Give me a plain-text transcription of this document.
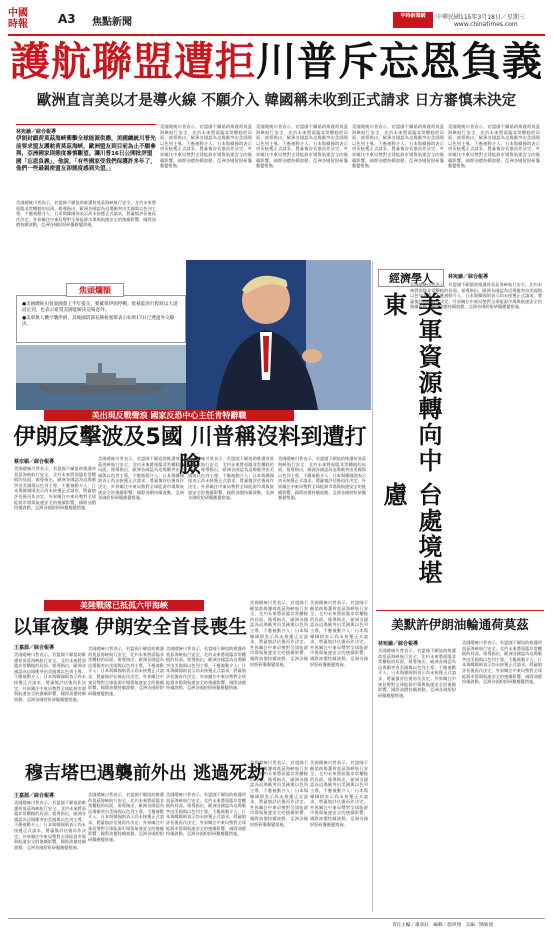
中國
時報	A3 焦點新聞
中時新聞網	中華民國115年3月18日／星期三
www.chinatimes.com
護航聯盟遭拒川普斥忘恩負義
歐洲直言美以才是導火線 不願介入 韓國稱未收到正式請求 日方審慎未決定
林宛諭／綜合報導
伊朗封鎖荷莫茲海峽衝擊全球能源供應，美國總統川普先前要求盟友護航荷莫茲海峽，歐洲盟友到目前為止不願參與，亞洲國家則態度審慎觀望。讓川普16日公開批評盟國「忘恩負義」，他說，「有些國家受我們保護許多年了，他們一些最親密盟友卻態度感到失望。」
美國總統川普表示，若盟國不願協助維護荷莫茲海峽航行安全，北約未來將面臨非常糟糕的局面。報導指出，歐洲各國認為這場衝突由美國與以色列主導，不應被動介入；日本與韓國則表示尚未接獲正式請求，將審慎評估後再作決定。外界關注中東局勢對全球能源市場與航運安全的後續影響，國際油價持續波動，亞洲各國紛紛研擬應變措施。
美國總統川普表示，若盟國不願協助維護荷莫茲海峽航行安全，北約未來將面臨非常糟糕的局面。報導指出，歐洲各國認為這場衝突由美國與以色列主導，不應被動介入；日本與韓國則表示尚未接獲正式請求，將審慎評估後再作決定。外界關注中東局勢對全球能源市場與航運安全的後續影響，國際油價持續波動，亞洲各國紛紛研擬應變措施。
美國總統川普表示，若盟國不願協助維護荷莫茲海峽航行安全，北約未來將面臨非常糟糕的局面。報導指出，歐洲各國認為這場衝突由美國與以色列主導，不應被動介入；日本與韓國則表示尚未接獲正式請求，將審慎評估後再作決定。外界關注中東局勢對全球能源市場與航運安全的後續影響，國際油價持續波動，亞洲各國紛紛研擬應變措施。
美國總統川普表示，若盟國不願協助維護荷莫茲海峽航行安全，北約未來將面臨非常糟糕的局面。報導指出，歐洲各國認為這場衝突由美國與以色列主導，不應被動介入；日本與韓國則表示尚未接獲正式請求，將審慎評估後再作決定。外界關注中東局勢對全球能源市場與航運安全的後續影響，國際油價持續波動，亞洲各國紛紛研擬應變措施。
美國總統川普表示，若盟國不願協助維護荷莫茲海峽航行安全，北約未來將面臨非常糟糕的局面。報導指出，歐洲各國認為這場衝突由美國與以色列主導，不應被動介入；日本與韓國則表示尚未接獲正式請求，將審慎評估後再作決定。外界關注中東局勢對全球能源市場與航運安全的後續影響，國際油價持續波動，亞洲各國紛紛研擬應變措施。
●美國總統川普說國會上半年提交，要確保伊朗停戰，批核能的行程將以大道而定到，也表示希望美國能解決這場意外。
●美軍無人機空襲伊朗，其後國防部長赫格塞斯表示如果17日已透過外交解決。
焦頭爛額
美出現反戰聲浪 國家反恐中心主任肯特辭職
伊朗反擊波及5國 川普稱沒料到遭打臉
蔡宗穎／綜合報導
美國總統川普表示，若盟國不願協助維護荷莫茲海峽航行安全，北約未來將面臨非常糟糕的局面。報導指出，歐洲各國認為這場衝突由美國與以色列主導，不應被動介入；日本與韓國則表示尚未接獲正式請求，將審慎評估後再作決定。外界關注中東局勢對全球能源市場與航運安全的後續影響，國際油價持續波動，亞洲各國紛紛研擬應變措施。
美國總統川普表示，若盟國不願協助維護荷莫茲海峽航行安全，北約未來將面臨非常糟糕的局面。報導指出，歐洲各國認為這場衝突由美國與以色列主導，不應被動介入；日本與韓國則表示尚未接獲正式請求，將審慎評估後再作決定。外界關注中東局勢對全球能源市場與航運安全的後續影響，國際油價持續波動，亞洲各國紛紛研擬應變措施。
美國總統川普表示，若盟國不願協助維護荷莫茲海峽航行安全，北約未來將面臨非常糟糕的局面。報導指出，歐洲各國認為這場衝突由美國與以色列主導，不應被動介入；日本與韓國則表示尚未接獲正式請求，將審慎評估後再作決定。外界關注中東局勢對全球能源市場與航運安全的後續影響，國際油價持續波動，亞洲各國紛紛研擬應變措施。
美國總統川普表示，若盟國不願協助維護荷莫茲海峽航行安全，北約未來將面臨非常糟糕的局面。報導指出，歐洲各國認為這場衝突由美國與以色列主導，不應被動介入；日本與韓國則表示尚未接獲正式請求，將審慎評估後再作決定。外界關注中東局勢對全球能源市場與航運安全的後續影響，國際油價持續波動，亞洲各國紛紛研擬應變措施。
美陸戰隊已抵孤六甲海峽
以軍夜襲 伊朗安全首長喪生
王嘉源／綜合報導
美國總統川普表示，若盟國不願協助維護荷莫茲海峽航行安全，北約未來將面臨非常糟糕的局面。報導指出，歐洲各國認為這場衝突由美國與以色列主導，不應被動介入；日本與韓國則表示尚未接獲正式請求，將審慎評估後再作決定。外界關注中東局勢對全球能源市場與航運安全的後續影響，國際油價持續波動，亞洲各國紛紛研擬應變措施。
美國總統川普表示，若盟國不願協助維護荷莫茲海峽航行安全，北約未來將面臨非常糟糕的局面。報導指出，歐洲各國認為這場衝突由美國與以色列主導，不應被動介入；日本與韓國則表示尚未接獲正式請求，將審慎評估後再作決定。外界關注中東局勢對全球能源市場與航運安全的後續影響，國際油價持續波動，亞洲各國紛紛研擬應變措施。
美國總統川普表示，若盟國不願協助維護荷莫茲海峽航行安全，北約未來將面臨非常糟糕的局面。報導指出，歐洲各國認為這場衝突由美國與以色列主導，不應被動介入；日本與韓國則表示尚未接獲正式請求，將審慎評估後再作決定。外界關注中東局勢對全球能源市場與航運安全的後續影響，國際油價持續波動，亞洲各國紛紛研擬應變措施。
美國總統川普表示，若盟國不願協助維護荷莫茲海峽航行安全，北約未來將面臨非常糟糕的局面。報導指出，歐洲各國認為這場衝突由美國與以色列主導，不應被動介入；日本與韓國則表示尚未接獲正式請求，將審慎評估後再作決定。外界關注中東局勢對全球能源市場與航運安全的後續影響，國際油價持續波動，亞洲各國紛紛研擬應變措施。
美國總統川普表示，若盟國不願協助維護荷莫茲海峽航行安全，北約未來將面臨非常糟糕的局面。報導指出，歐洲各國認為這場衝突由美國與以色列主導，不應被動介入；日本與韓國則表示尚未接獲正式請求，將審慎評估後再作決定。外界關注中東局勢對全球能源市場與航運安全的後續影響，國際油價持續波動，亞洲各國紛紛研擬應變措施。
穆吉塔巴遇襲前外出 逃過死劫
王嘉源／綜合報導
美國總統川普表示，若盟國不願協助維護荷莫茲海峽航行安全，北約未來將面臨非常糟糕的局面。報導指出，歐洲各國認為這場衝突由美國與以色列主導，不應被動介入；日本與韓國則表示尚未接獲正式請求，將審慎評估後再作決定。外界關注中東局勢對全球能源市場與航運安全的後續影響，國際油價持續波動，亞洲各國紛紛研擬應變措施。
美國總統川普表示，若盟國不願協助維護荷莫茲海峽航行安全，北約未來將面臨非常糟糕的局面。報導指出，歐洲各國認為這場衝突由美國與以色列主導，不應被動介入；日本與韓國則表示尚未接獲正式請求，將審慎評估後再作決定。外界關注中東局勢對全球能源市場與航運安全的後續影響，國際油價持續波動，亞洲各國紛紛研擬應變措施。
美國總統川普表示，若盟國不願協助維護荷莫茲海峽航行安全，北約未來將面臨非常糟糕的局面。報導指出，歐洲各國認為這場衝突由美國與以色列主導，不應被動介入；日本與韓國則表示尚未接獲正式請求，將審慎評估後再作決定。外界關注中東局勢對全球能源市場與航運安全的後續影響，國際油價持續波動，亞洲各國紛紛研擬應變措施。
美國總統川普表示，若盟國不願協助維護荷莫茲海峽航行安全，北約未來將面臨非常糟糕的局面。報導指出，歐洲各國認為這場衝突由美國與以色列主導，不應被動介入；日本與韓國則表示尚未接獲正式請求，將審慎評估後再作決定。外界關注中東局勢對全球能源市場與航運安全的後續影響，國際油價持續波動，亞洲各國紛紛研擬應變措施。
美國總統川普表示，若盟國不願協助維護荷莫茲海峽航行安全，北約未來將面臨非常糟糕的局面。報導指出，歐洲各國認為這場衝突由美國與以色列主導，不應被動介入；日本與韓國則表示尚未接獲正式請求，將審慎評估後再作決定。外界關注中東局勢對全球能源市場與航運安全的後續影響，國際油價持續波動，亞洲各國紛紛研擬應變措施。
經濟學人	林宛諭／綜合報導
美軍資源轉向中東
台處境堪慮
美國總統川普表示，若盟國不願協助維護荷莫茲海峽航行安全，北約未來將面臨非常糟糕的局面。報導指出，歐洲各國認為這場衝突由美國與以色列主導，不應被動介入；日本與韓國則表示尚未接獲正式請求，將審慎評估後再作決定。外界關注中東局勢對全球能源市場與航運安全的後續影響，國際油價持續波動，亞洲各國紛紛研擬應變措施。
美默許伊朗油輪通荷莫茲
林宛諭／綜合報導
美國總統川普表示，若盟國不願協助維護荷莫茲海峽航行安全，北約未來將面臨非常糟糕的局面。報導指出，歐洲各國認為這場衝突由美國與以色列主導，不應被動介入；日本與韓國則表示尚未接獲正式請求，將審慎評估後再作決定。外界關注中東局勢對全球能源市場與航運安全的後續影響，國際油價持續波動，亞洲各國紛紛研擬應變措施。
美國總統川普表示，若盟國不願協助維護荷莫茲海峽航行安全，北約未來將面臨非常糟糕的局面。報導指出，歐洲各國認為這場衝突由美國與以色列主導，不應被動介入；日本與韓國則表示尚未接獲正式請求，將審慎評估後再作決定。外界關注中東局勢對全球能源市場與航運安全的後續影響，國際油價持續波動，亞洲各國紛紛研擬應變措施。
責任主編／蕭承鈺　編輯／施瑋翔　美編／陳敏捷
